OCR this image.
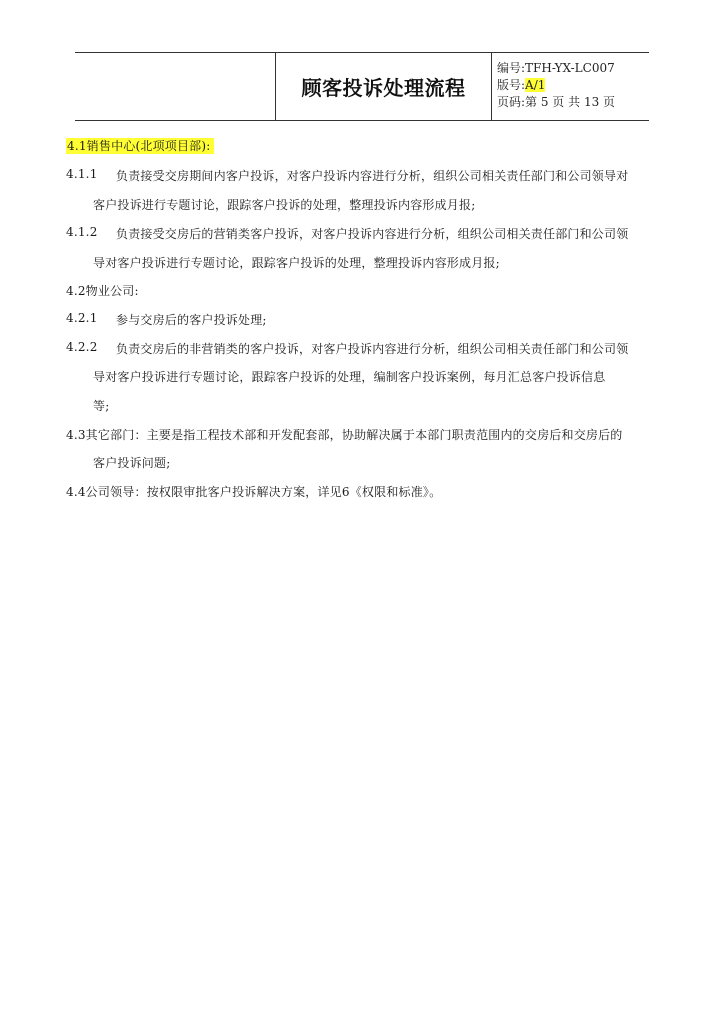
顾客投诉处理流程
编号:TFH-YX-LC007
版号:A/1
页码:第 5 页 共 13 页
4.1销售中心(北项项目部):
4.1.1 负责接受交房期间内客户投诉，对客户投诉内容进行分析，组织公司相关责任部门和公司领导对
客户投诉进行专题讨论，跟踪客户投诉的处理，整理投诉内容形成月报;
4.1.2 负责接受交房后的营销类客户投诉，对客户投诉内容进行分析，组织公司相关责任部门和公司领
导对客户投诉进行专题讨论，跟踪客户投诉的处理，整理投诉内容形成月报;
4.2物业公司:
4.2.1 参与交房后的客户投诉处理;
4.2.2 负责交房后的非营销类的客户投诉，对客户投诉内容进行分析，组织公司相关责任部门和公司领
导对客户投诉进行专题讨论，跟踪客户投诉的处理，编制客户投诉案例，每月汇总客户投诉信息
等;
4.3其它部门：主要是指工程技术部和开发配套部，协助解决属于本部门职责范围内的交房后和交房后的
客户投诉问题;
4.4公司领导：按权限审批客户投诉解决方案，详见6《权限和标准》。
